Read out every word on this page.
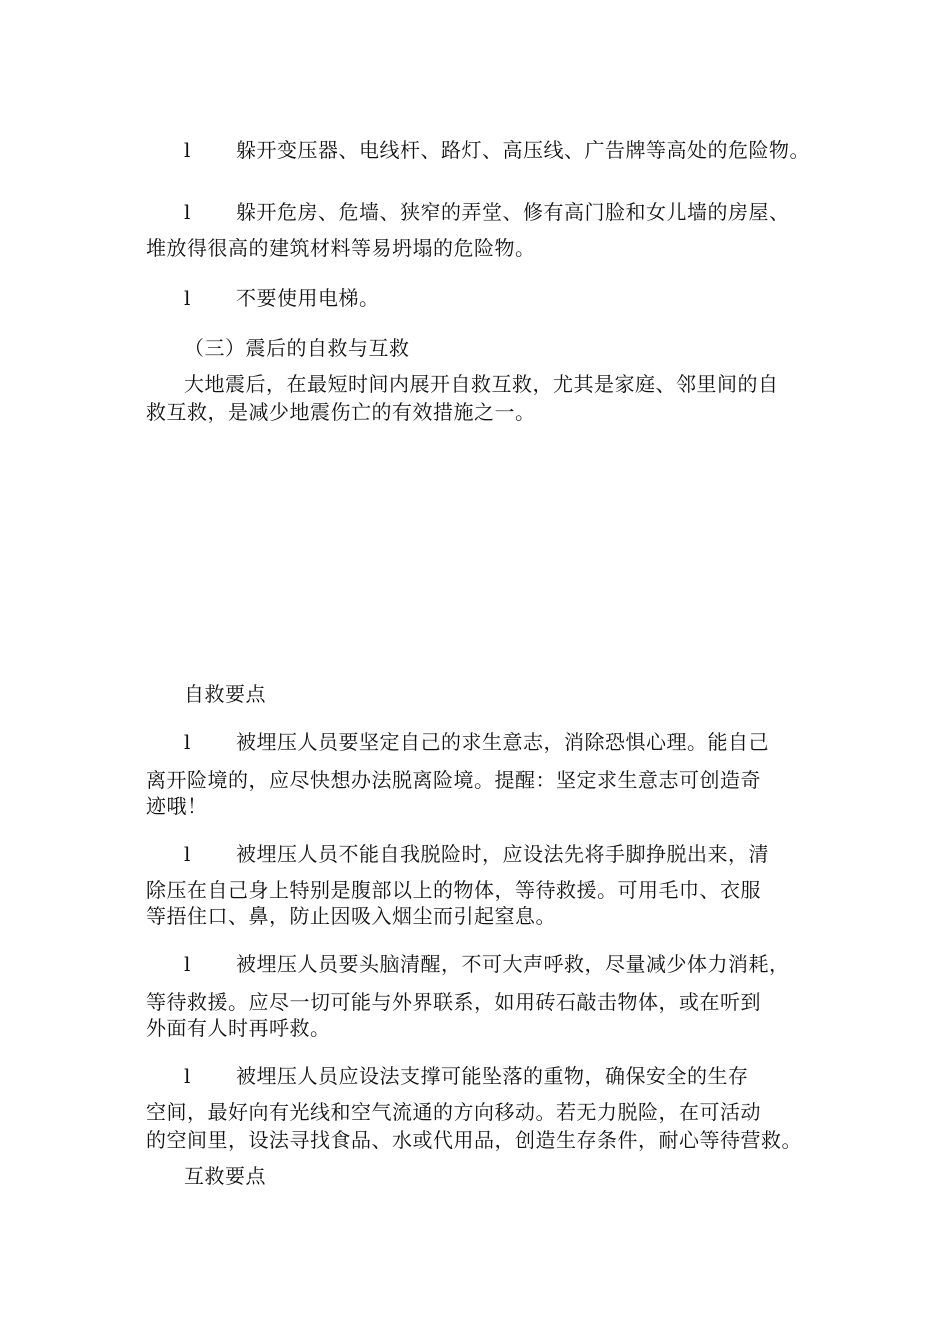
l 躲开变压器、电线杆、路灯、高压线、广告牌等高处的危险物。
l 躲开危房、危墙、狭窄的弄堂、修有高门脸和女儿墙的房屋、
堆放得很高的建筑材料等易坍塌的危险物。
l 不要使用电梯。
（三）震后的自救与互救
大地震后，在最短时间内展开自救互救，尤其是家庭、邻里间的自
救互救，是减少地震伤亡的有效措施之一。
自救要点
l 被埋压人员要坚定自己的求生意志，消除恐惧心理。能自己
离开险境的，应尽快想办法脱离险境。提醒：坚定求生意志可创造奇
迹哦！
l 被埋压人员不能自我脱险时，应设法先将手脚挣脱出来，清
除压在自己身上特别是腹部以上的物体，等待救援。可用毛巾、衣服
等捂住口、鼻，防止因吸入烟尘而引起窒息。
l 被埋压人员要头脑清醒，不可大声呼救，尽量减少体力消耗，
等待救援。应尽一切可能与外界联系，如用砖石敲击物体，或在听到
外面有人时再呼救。
l 被埋压人员应设法支撑可能坠落的重物，确保安全的生存
空间，最好向有光线和空气流通的方向移动。若无力脱险，在可活动
的空间里，设法寻找食品、水或代用品，创造生存条件，耐心等待营救。
互救要点
